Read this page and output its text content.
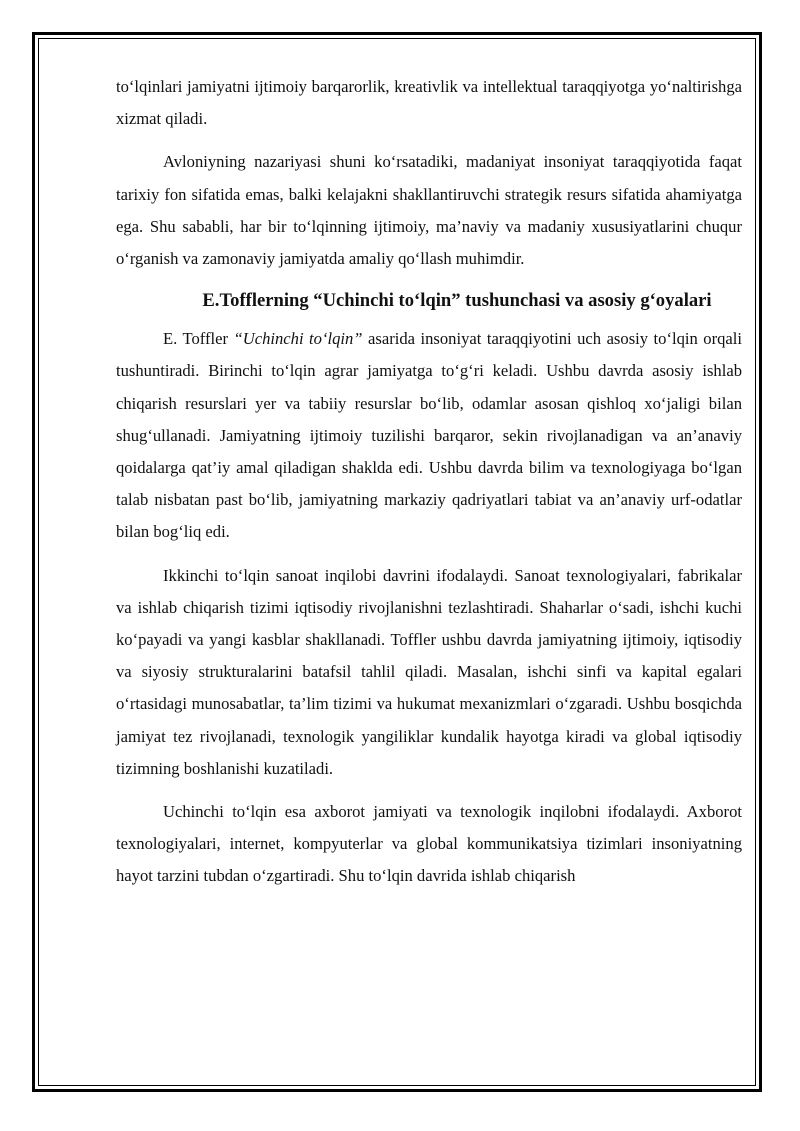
to‘lqinlari jamiyatni ijtimoiy barqarorlik, kreativlik va intellektual taraqqiyotga yo‘naltirishga xizmat qiladi.

Avloniyning nazariyasi shuni ko‘rsatadiki, madaniyat insoniyat taraqqiyotida faqat tarixiy fon sifatida emas, balki kelajakni shakllantiruvchi strategik resurs sifatida ahamiyatga ega. Shu sababli, har bir to‘lqinning ijtimoiy, ma’naviy va madaniy xususiyatlarini chuqur o‘rganish va zamonaviy jamiyatda amaliy qo‘llash muhimdir.

E.Tofflerning “Uchinchi to‘lqin” tushunchasi va asosiy g‘oyalari

E. Toffler “Uchinchi to‘lqin” asarida insoniyat taraqqiyotini uch asosiy to‘lqin orqali tushuntiradi. Birinchi to‘lqin agrar jamiyatga to‘g‘ri keladi. Ushbu davrda asosiy ishlab chiqarish resurslari yer va tabiiy resurslar bo‘lib, odamlar asosan qishloq xo‘jaligi bilan shug‘ullanadi. Jamiyatning ijtimoiy tuzilishi barqaror, sekin rivojlanadigan va an’anaviy qoidalarga qat’iy amal qiladigan shaklda edi. Ushbu davrda bilim va texnologiyaga bo‘lgan talab nisbatan past bo‘lib, jamiyatning markaziy qadriyatlari tabiat va an’anaviy urf-odatlar bilan bog‘liq edi.

Ikkinchi to‘lqin sanoat inqilobi davrini ifodalaydi. Sanoat texnologiyalari, fabrikalar va ishlab chiqarish tizimi iqtisodiy rivojlanishni tezlashtiradi. Shaharlar o‘sadi, ishchi kuchi ko‘payadi va yangi kasblar shakllanadi. Toffler ushbu davrda jamiyatning ijtimoiy, iqtisodiy va siyosiy strukturalarini batafsil tahlil qiladi. Masalan, ishchi sinfi va kapital egalari o‘rtasidagi munosabatlar, ta’lim tizimi va hukumat mexanizmlari o‘zgaradi. Ushbu bosqichda jamiyat tez rivojlanadi, texnologik yangiliklar kundalik hayotga kiradi va global iqtisodiy tizimning boshlanishi kuzatiladi.

Uchinchi to‘lqin esa axborot jamiyati va texnologik inqilobni ifodalaydi. Axborot texnologiyalari, internet, kompyuterlar va global kommunikatsiya tizimlari insoniyatning hayot tarzini tubdan o‘zgartiradi. Shu to‘lqin davrida ishlab chiqarish
